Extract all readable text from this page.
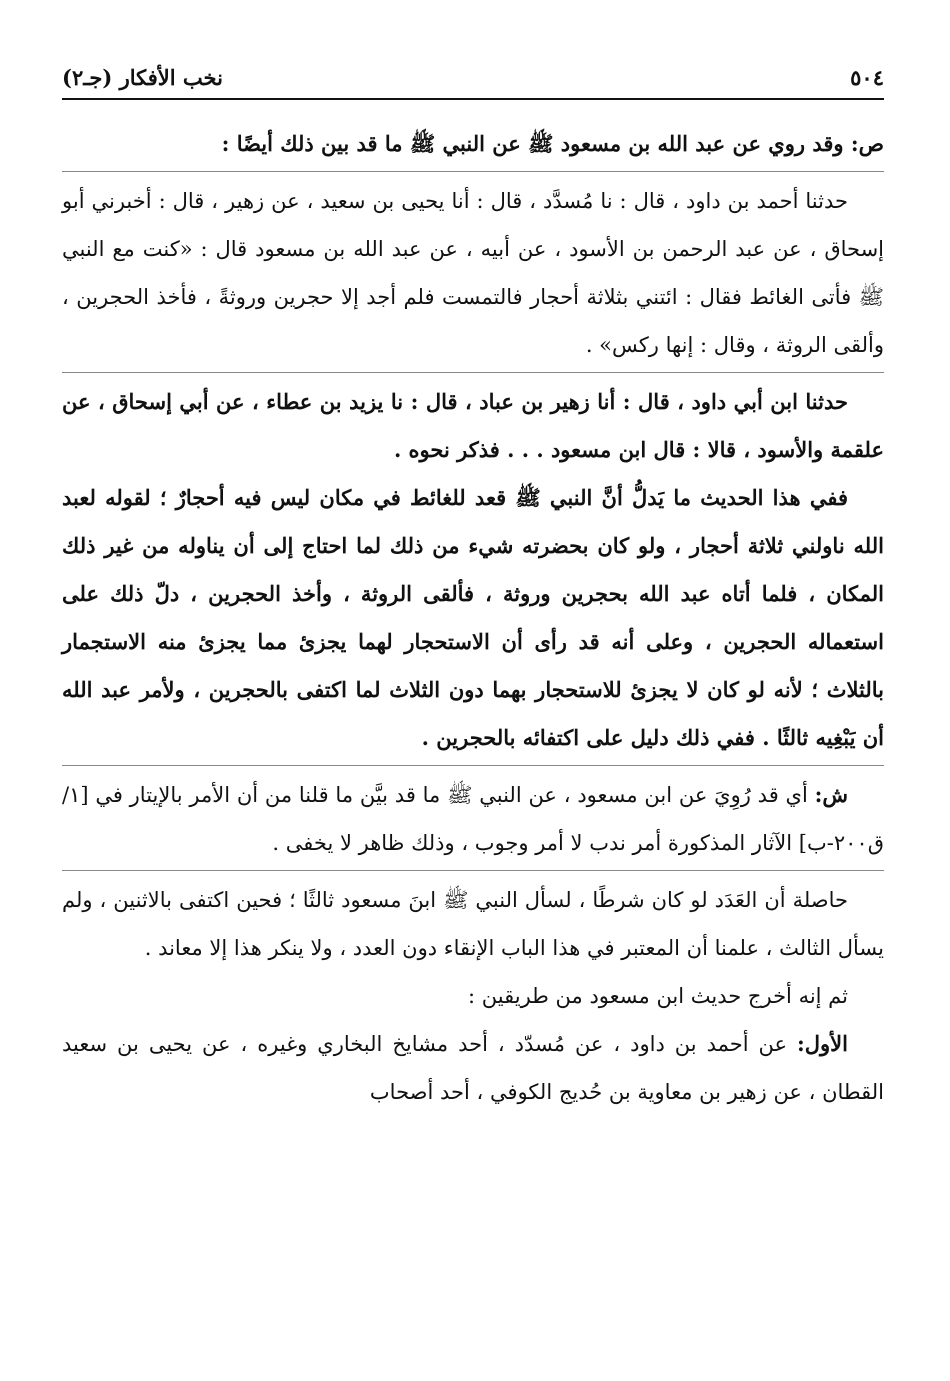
٥٠٤
نخب الأفكار (جـ٢)

ص: وقد روي عن عبد الله بن مسعود ﷺ عن النبي ﷺ ما قد بين ذلك أيضًا :

حدثنا أحمد بن داود ، قال : نا مُسدَّد ، قال : أنا يحيى بن سعيد ، عن زهير ، قال : أخبرني أبو إسحاق ، عن عبد الرحمن بن الأسود ، عن أبيه ، عن عبد الله بن مسعود قال : «كنت مع النبي ﷺ فأتى الغائط فقال : ائتني بثلاثة أحجار فالتمست فلم أجد إلا حجرين وروثةً ، فأخذ الحجرين ، وألقى الروثة ، وقال : إنها ركس» .

حدثنا ابن أبي داود ، قال : أنا زهير بن عباد ، قال : نا يزيد بن عطاء ، عن أبي إسحاق ، عن علقمة والأسود ، قالا : قال ابن مسعود . . . فذكر نحوه .

ففي هذا الحديث ما يَدلُّ أنَّ النبي ﷺ قعد للغائط في مكان ليس فيه أحجارٌ ؛ لقوله لعبد الله ناولني ثلاثة أحجار ، ولو كان بحضرته شيء من ذلك لما احتاج إلى أن يناوله من غير ذلك المكان ، فلما أتاه عبد الله بحجرين وروثة ، فألقى الروثة ، وأخذ الحجرين ، دلّ ذلك على استعماله الحجرين ، وعلى أنه قد رأى أن الاستحجار لهما يجزئ مما يجزئ منه الاستجمار بالثلاث ؛ لأنه لو كان لا يجزئ للاستحجار بهما دون الثلاث لما اكتفى بالحجرين ، ولأمر عبد الله أن يَبْغِيه ثالثًا . ففي ذلك دليل على اكتفائه بالحجرين .

ش: أي قد رُوِيَ عن ابن مسعود ، عن النبي ﷺ ما قد بيَّن ما قلنا من أن الأمر بالإيتار في [١/ ق٢٠٠-ب] الآثار المذكورة أمر ندب لا أمر وجوب ، وذلك ظاهر لا يخفى .

حاصلة أن العَدَد لو كان شرطًا ، لسأل النبي ﷺ ابنَ مسعود ثالثًا ؛ فحين اكتفى بالاثنين ، ولم يسأل الثالث ، علمنا أن المعتبر في هذا الباب الإنقاء دون العدد ، ولا ينكر هذا إلا معاند .

ثم إنه أخرج حديث ابن مسعود من طريقين :

الأول: عن أحمد بن داود ، عن مُسدّد ، أحد مشايخ البخاري وغيره ، عن يحيى بن سعيد القطان ، عن زهير بن معاوية بن حُديج الكوفي ، أحد أصحاب
